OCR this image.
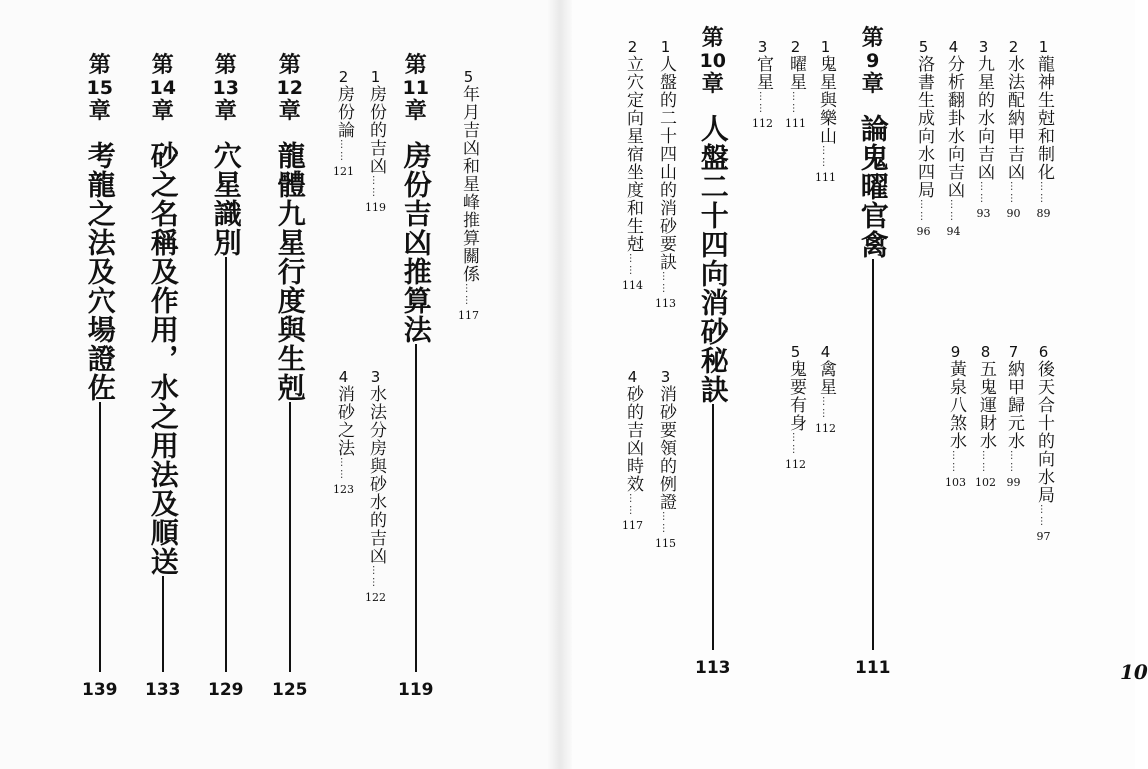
1
龍神生尅和制化
……
89
2
水法配納甲吉凶
……
90
3
九星的水向吉凶
……
93
4
分析翻卦水向吉凶
……
94
5
洛書生成向水四局
……
96
6
後天合十的向水局
……
97
7
納甲歸元水
……
99
8
五鬼運財水
……
102
9
黃泉八煞水
……
103
第
9
章
論鬼曜官禽
111
1
鬼星與樂山
……
111
2
曜星
……
111
3
官星
……
112
4
禽星
……
112
5
鬼要有身
……
112
第
10
章
人盤二十四向消砂秘訣
113
1
人盤的二十四山的消砂要訣
……
113
2
立穴定向星宿坐度和生尅
……
114
3
消砂要領的例證
……
115
4
砂的吉凶時效
……
117
10
5
年月吉凶和星峰推算關係
……
117
第
11
章
房份吉凶推算法
119
1
房份的吉凶
……
119
2
房份論
……
121
3
水法分房與砂水的吉凶
……
122
4
消砂之法
……
123
第
12
章
龍體九星行度與生剋
125
第
13
章
穴星識別
129
第
14
章
砂之名稱及作用，水之用法及順送
133
第
15
章
考龍之法及穴場證佐
139
